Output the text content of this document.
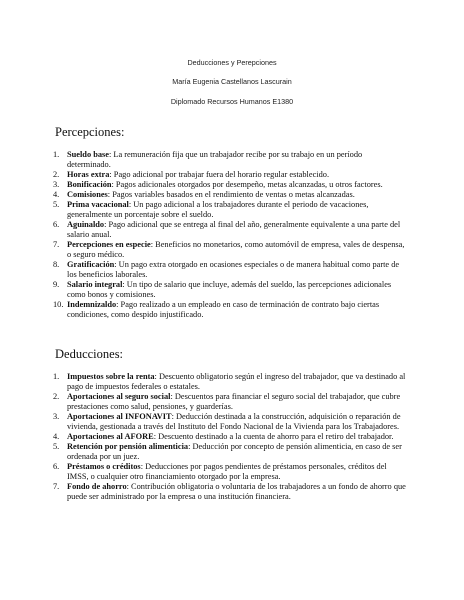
Deducciones y Perepciones
María Eugenia Castellanos Lascurain
Diplomado Recursos Humanos E1380
Percepciones:
1. Sueldo base: La remuneración fija que un trabajador recibe por su trabajo en un período determinado.
2. Horas extra: Pago adicional por trabajar fuera del horario regular establecido.
3. Bonificación: Pagos adicionales otorgados por desempeño, metas alcanzadas, u otros factores.
4. Comisiones: Pagos variables basados en el rendimiento de ventas o metas alcanzadas.
5. Prima vacacional: Un pago adicional a los trabajadores durante el periodo de vacaciones, generalmente un porcentaje sobre el sueldo.
6. Aguinaldo: Pago adicional que se entrega al final del año, generalmente equivalente a una parte del salario anual.
7. Percepciones en especie: Beneficios no monetarios, como automóvil de empresa, vales de despensa, o seguro médico.
8. Gratificación: Un pago extra otorgado en ocasiones especiales o de manera habitual como parte de los beneficios laborales.
9. Salario integral: Un tipo de salario que incluye, además del sueldo, las percepciones adicionales como bonos y comisiones.
10. Indemnizaldo: Pago realizado a un empleado en caso de terminación de contrato bajo ciertas condiciones, como despido injustificado.
Deducciones:
1. Impuestos sobre la renta: Descuento obligatorio según el ingreso del trabajador, que va destinado al pago de impuestos federales o estatales.
2. Aportaciones al seguro social: Descuentos para financiar el seguro social del trabajador, que cubre prestaciones como salud, pensiones, y guarderías.
3. Aportaciones al INFONAVIT: Deducción destinada a la construcción, adquisición o reparación de vivienda, gestionada a través del Instituto del Fondo Nacional de la Vivienda para los Trabajadores.
4. Aportaciones al AFORE: Descuento destinado a la cuenta de ahorro para el retiro del trabajador.
5. Retención por pensión alimenticia: Deducción por concepto de pensión alimenticia, en caso de ser ordenada por un juez.
6. Préstamos o créditos: Deducciones por pagos pendientes de préstamos personales, créditos del IMSS, o cualquier otro financiamiento otorgado por la empresa.
7. Fondo de ahorro: Contribución obligatoria o voluntaria de los trabajadores a un fondo de ahorro que puede ser administrado por la empresa o una institución financiera.
